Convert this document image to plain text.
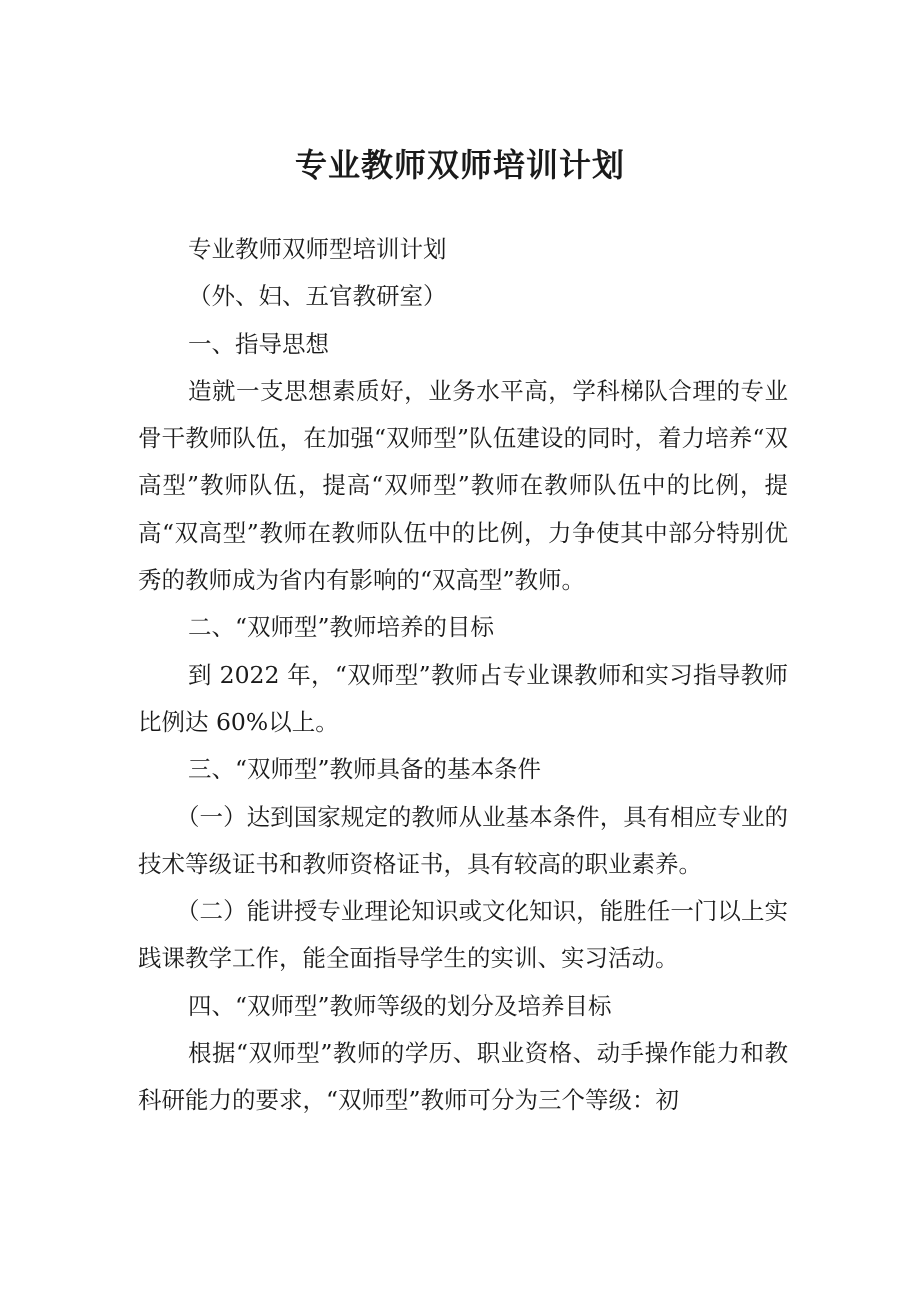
专业教师双师培训计划

专业教师双师型培训计划

（外、妇、五官教研室）

一、指导思想

造就一支思想素质好，业务水平高，学科梯队合理的专业骨干教师队伍，在加强“双师型”队伍建设的同时，着力培养“双高型”教师队伍，提高“双师型”教师在教师队伍中的比例，提高“双高型”教师在教师队伍中的比例，力争使其中部分特别优秀的教师成为省内有影响的“双高型”教师。

二、“双师型”教师培养的目标

到 2022 年，“双师型”教师占专业课教师和实习指导教师比例达 60%以上。

三、“双师型”教师具备的基本条件

（一）达到国家规定的教师从业基本条件，具有相应专业的技术等级证书和教师资格证书，具有较高的职业素养。

（二）能讲授专业理论知识或文化知识，能胜任一门以上实践课教学工作，能全面指导学生的实训、实习活动。

四、“双师型”教师等级的划分及培养目标

根据“双师型”教师的学历、职业资格、动手操作能力和教科研能力的要求，“双师型”教师可分为三个等级：初
